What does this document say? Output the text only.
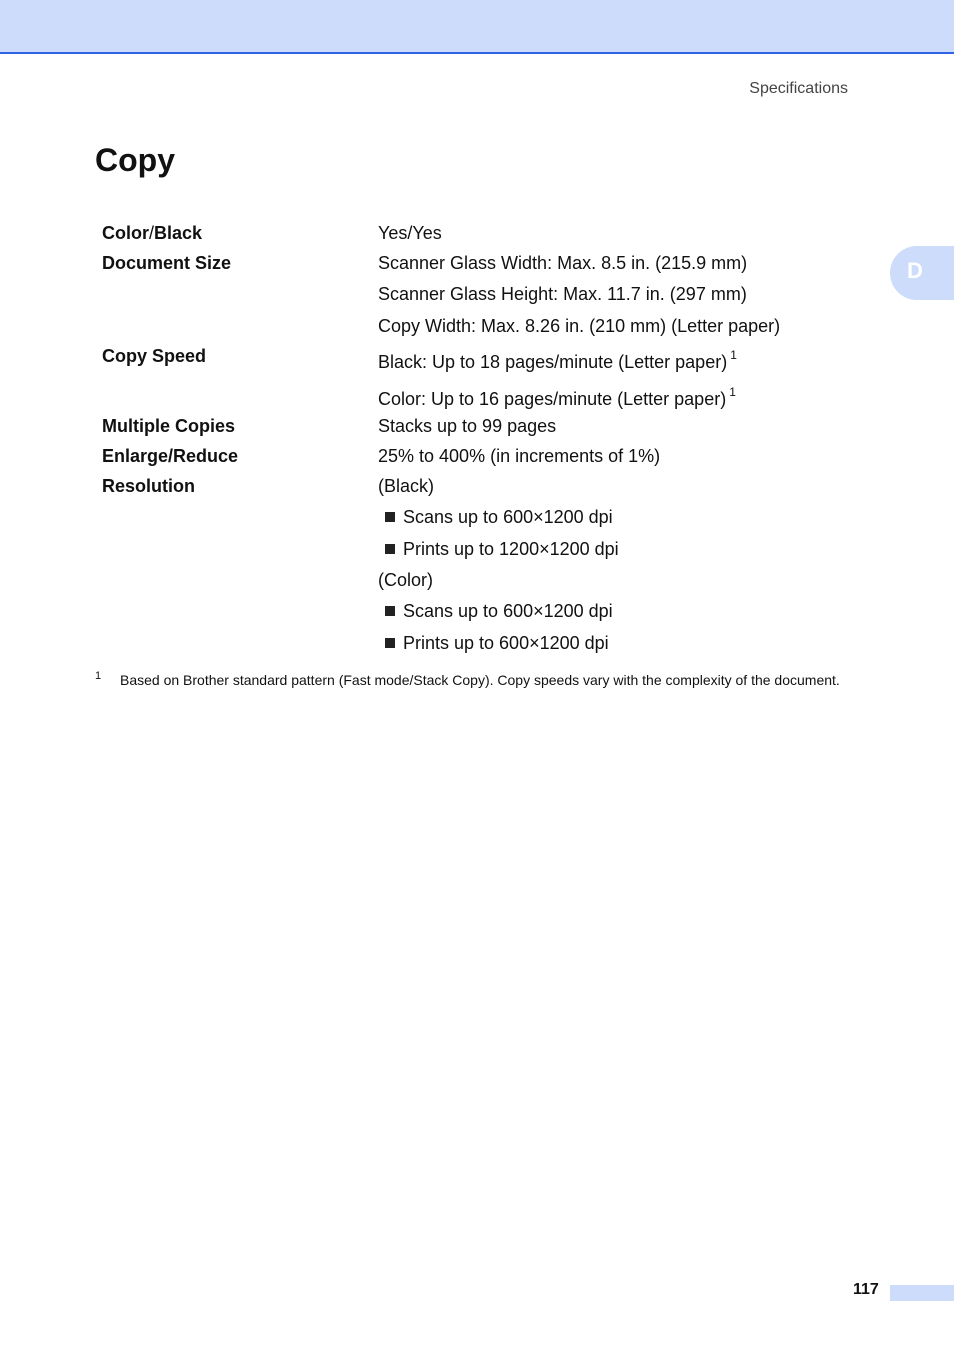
Specifications
Copy
D
Color/Black	Yes/Yes
Document Size	Scanner Glass Width: Max. 8.5 in. (215.9 mm)
Scanner Glass Height: Max. 11.7 in. (297 mm)
Copy Width: Max. 8.26 in. (210 mm) (Letter paper)
Copy Speed	Black: Up to 18 pages/minute (Letter paper) $^1$
Color: Up to 16 pages/minute (Letter paper) $^1$
Multiple Copies	Stacks up to 99 pages
Enlarge/Reduce	25% to 400% (in increments of 1%)
Resolution	(Black)
Scans up to 600×1200 dpi
Prints up to 1200×1200 dpi
(Color)
Scans up to 600×1200 dpi
Prints up to 600×1200 dpi
1 Based on Brother standard pattern (Fast mode/Stack Copy). Copy speeds vary with the complexity of the document.
117
